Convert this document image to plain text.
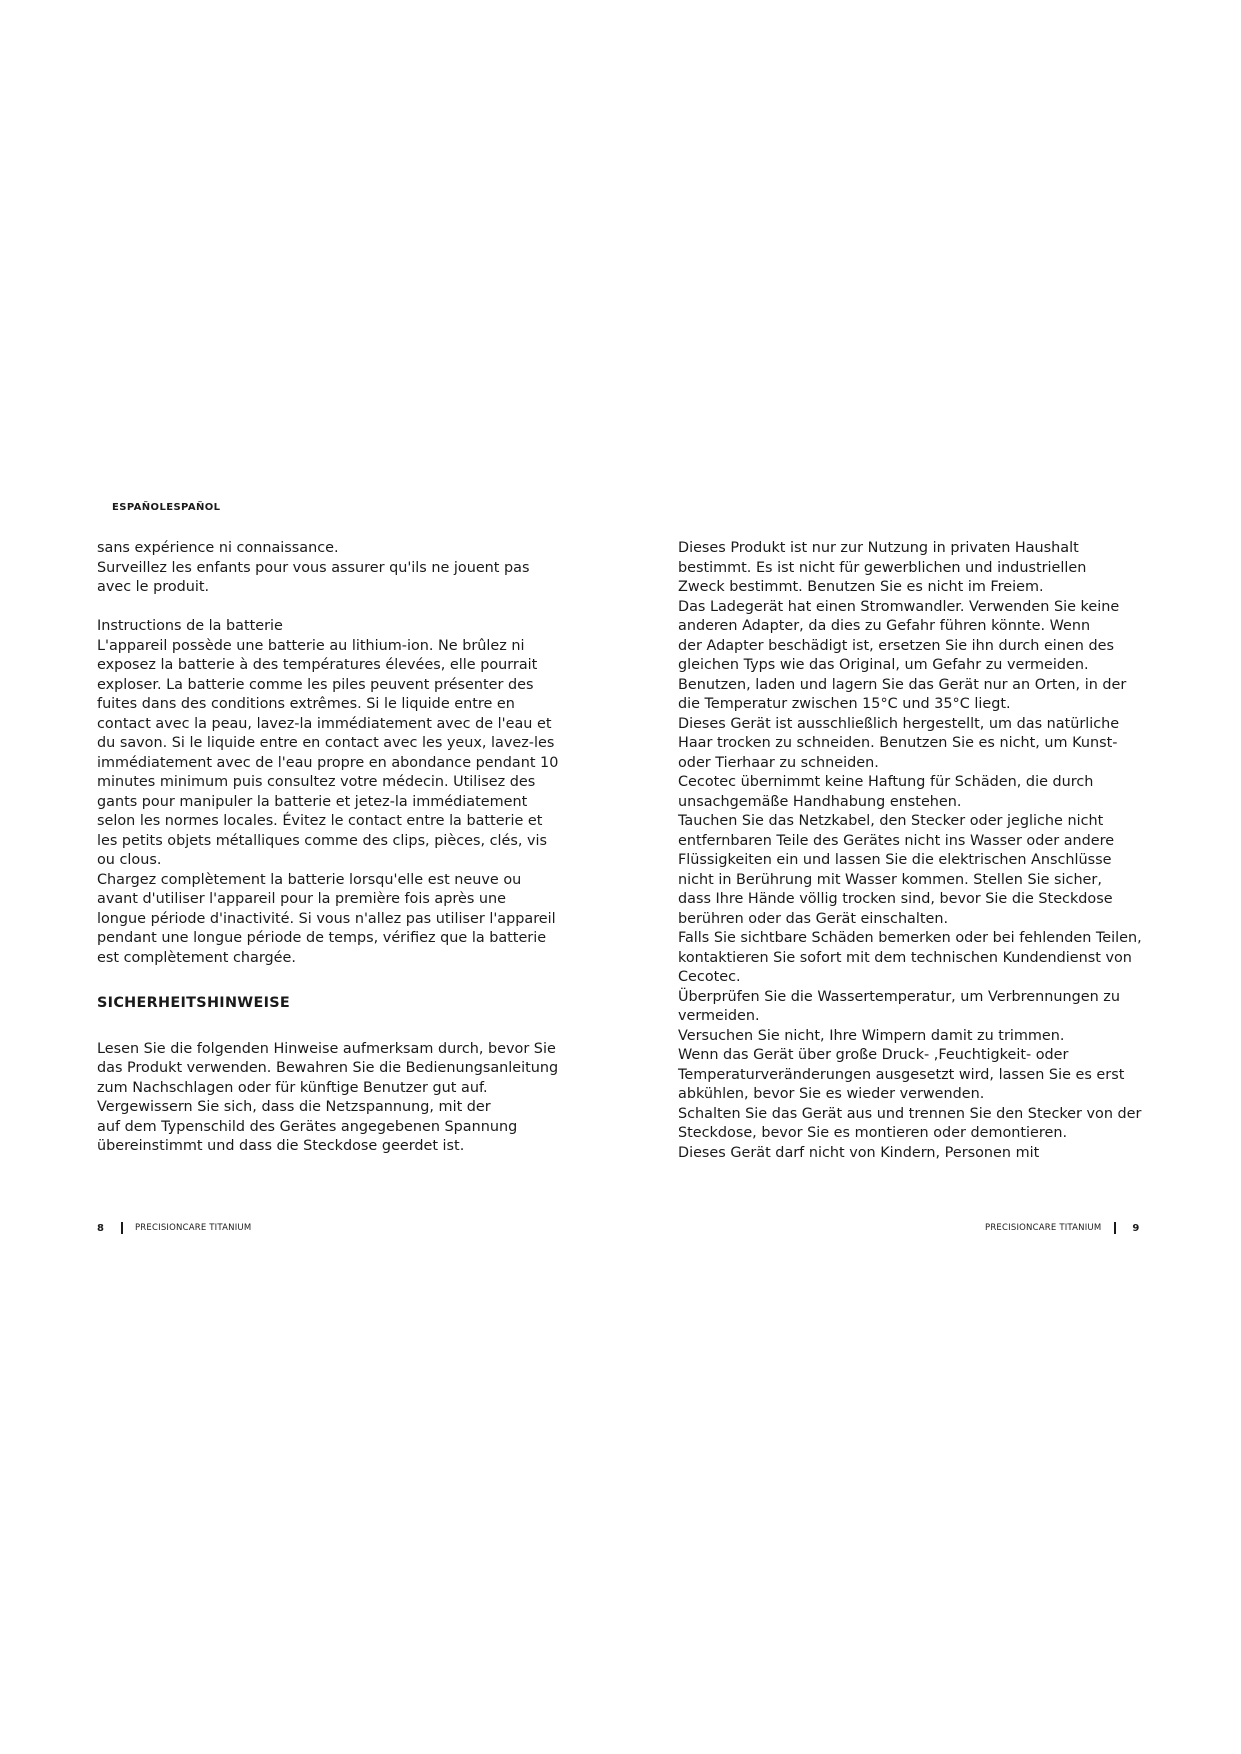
ESPAÑOLESPAÑOL
sans expérience ni connaissance.
Surveillez les enfants pour vous assurer qu'ils ne jouent pas
avec le produit.
Instructions de la batterie
L'appareil possède une batterie au lithium-ion. Ne brûlez ni
exposez la batterie à des températures élevées, elle pourrait
exploser. La batterie comme les piles peuvent présenter des
fuites dans des conditions extrêmes. Si le liquide entre en
contact avec la peau, lavez-la immédiatement avec de l'eau et
du savon. Si le liquide entre en contact avec les yeux, lavez-les
immédiatement avec de l'eau propre en abondance pendant 10
minutes minimum puis consultez votre médecin. Utilisez des
gants pour manipuler la batterie et jetez-la immédiatement
selon les normes locales. Évitez le contact entre la batterie et
les petits objets métalliques comme des clips, pièces, clés, vis
ou clous.
Chargez complètement la batterie lorsqu'elle est neuve ou
avant d'utiliser l'appareil pour la première fois après une
longue période d'inactivité. Si vous n'allez pas utiliser l'appareil
pendant une longue période de temps, vérifiez que la batterie
est complètement chargée.
SICHERHEITSHINWEISE
Lesen Sie die folgenden Hinweise aufmerksam durch, bevor Sie
das Produkt verwenden. Bewahren Sie die Bedienungsanleitung
zum Nachschlagen oder für künftige Benutzer gut auf.
Vergewissern Sie sich, dass die Netzspannung, mit der
auf dem Typenschild des Gerätes angegebenen Spannung
übereinstimmt und dass die Steckdose geerdet ist.
Dieses Produkt ist nur zur Nutzung in privaten Haushalt
bestimmt. Es ist nicht für gewerblichen und industriellen
Zweck bestimmt. Benutzen Sie es nicht im Freiem.
Das Ladegerät hat einen Stromwandler. Verwenden Sie keine
anderen Adapter, da dies zu Gefahr führen könnte. Wenn
der Adapter beschädigt ist, ersetzen Sie ihn durch einen des
gleichen Typs wie das Original, um Gefahr zu vermeiden.
Benutzen, laden und lagern Sie das Gerät nur an Orten, in der
die Temperatur zwischen 15°C und 35°C liegt.
Dieses Gerät ist ausschließlich hergestellt, um das natürliche
Haar trocken zu schneiden. Benutzen Sie es nicht, um Kunst-
oder Tierhaar zu schneiden.
Cecotec übernimmt keine Haftung für Schäden, die durch
unsachgemäße Handhabung enstehen.
Tauchen Sie das Netzkabel, den Stecker oder jegliche nicht
entfernbaren Teile des Gerätes nicht ins Wasser oder andere
Flüssigkeiten ein und lassen Sie die elektrischen Anschlüsse
nicht in Berührung mit Wasser kommen. Stellen Sie sicher,
dass Ihre Hände völlig trocken sind, bevor Sie die Steckdose
berühren oder das Gerät einschalten.
Falls Sie sichtbare Schäden bemerken oder bei fehlenden Teilen,
kontaktieren Sie sofort mit dem technischen Kundendienst von
Cecotec.
Überprüfen Sie die Wassertemperatur, um Verbrennungen zu
vermeiden.
Versuchen Sie nicht, Ihre Wimpern damit zu trimmen.
Wenn das Gerät über große Druck- ,Feuchtigkeit- oder
Temperaturveränderungen ausgesetzt wird, lassen Sie es erst
abkühlen, bevor Sie es wieder verwenden.
Schalten Sie das Gerät aus und trennen Sie den Stecker von der
Steckdose, bevor Sie es montieren oder demontieren.
Dieses Gerät darf nicht von Kindern, Personen mit
8	PRECISIONCARE TITANIUM	PRECISIONCARE TITANIUM	9
